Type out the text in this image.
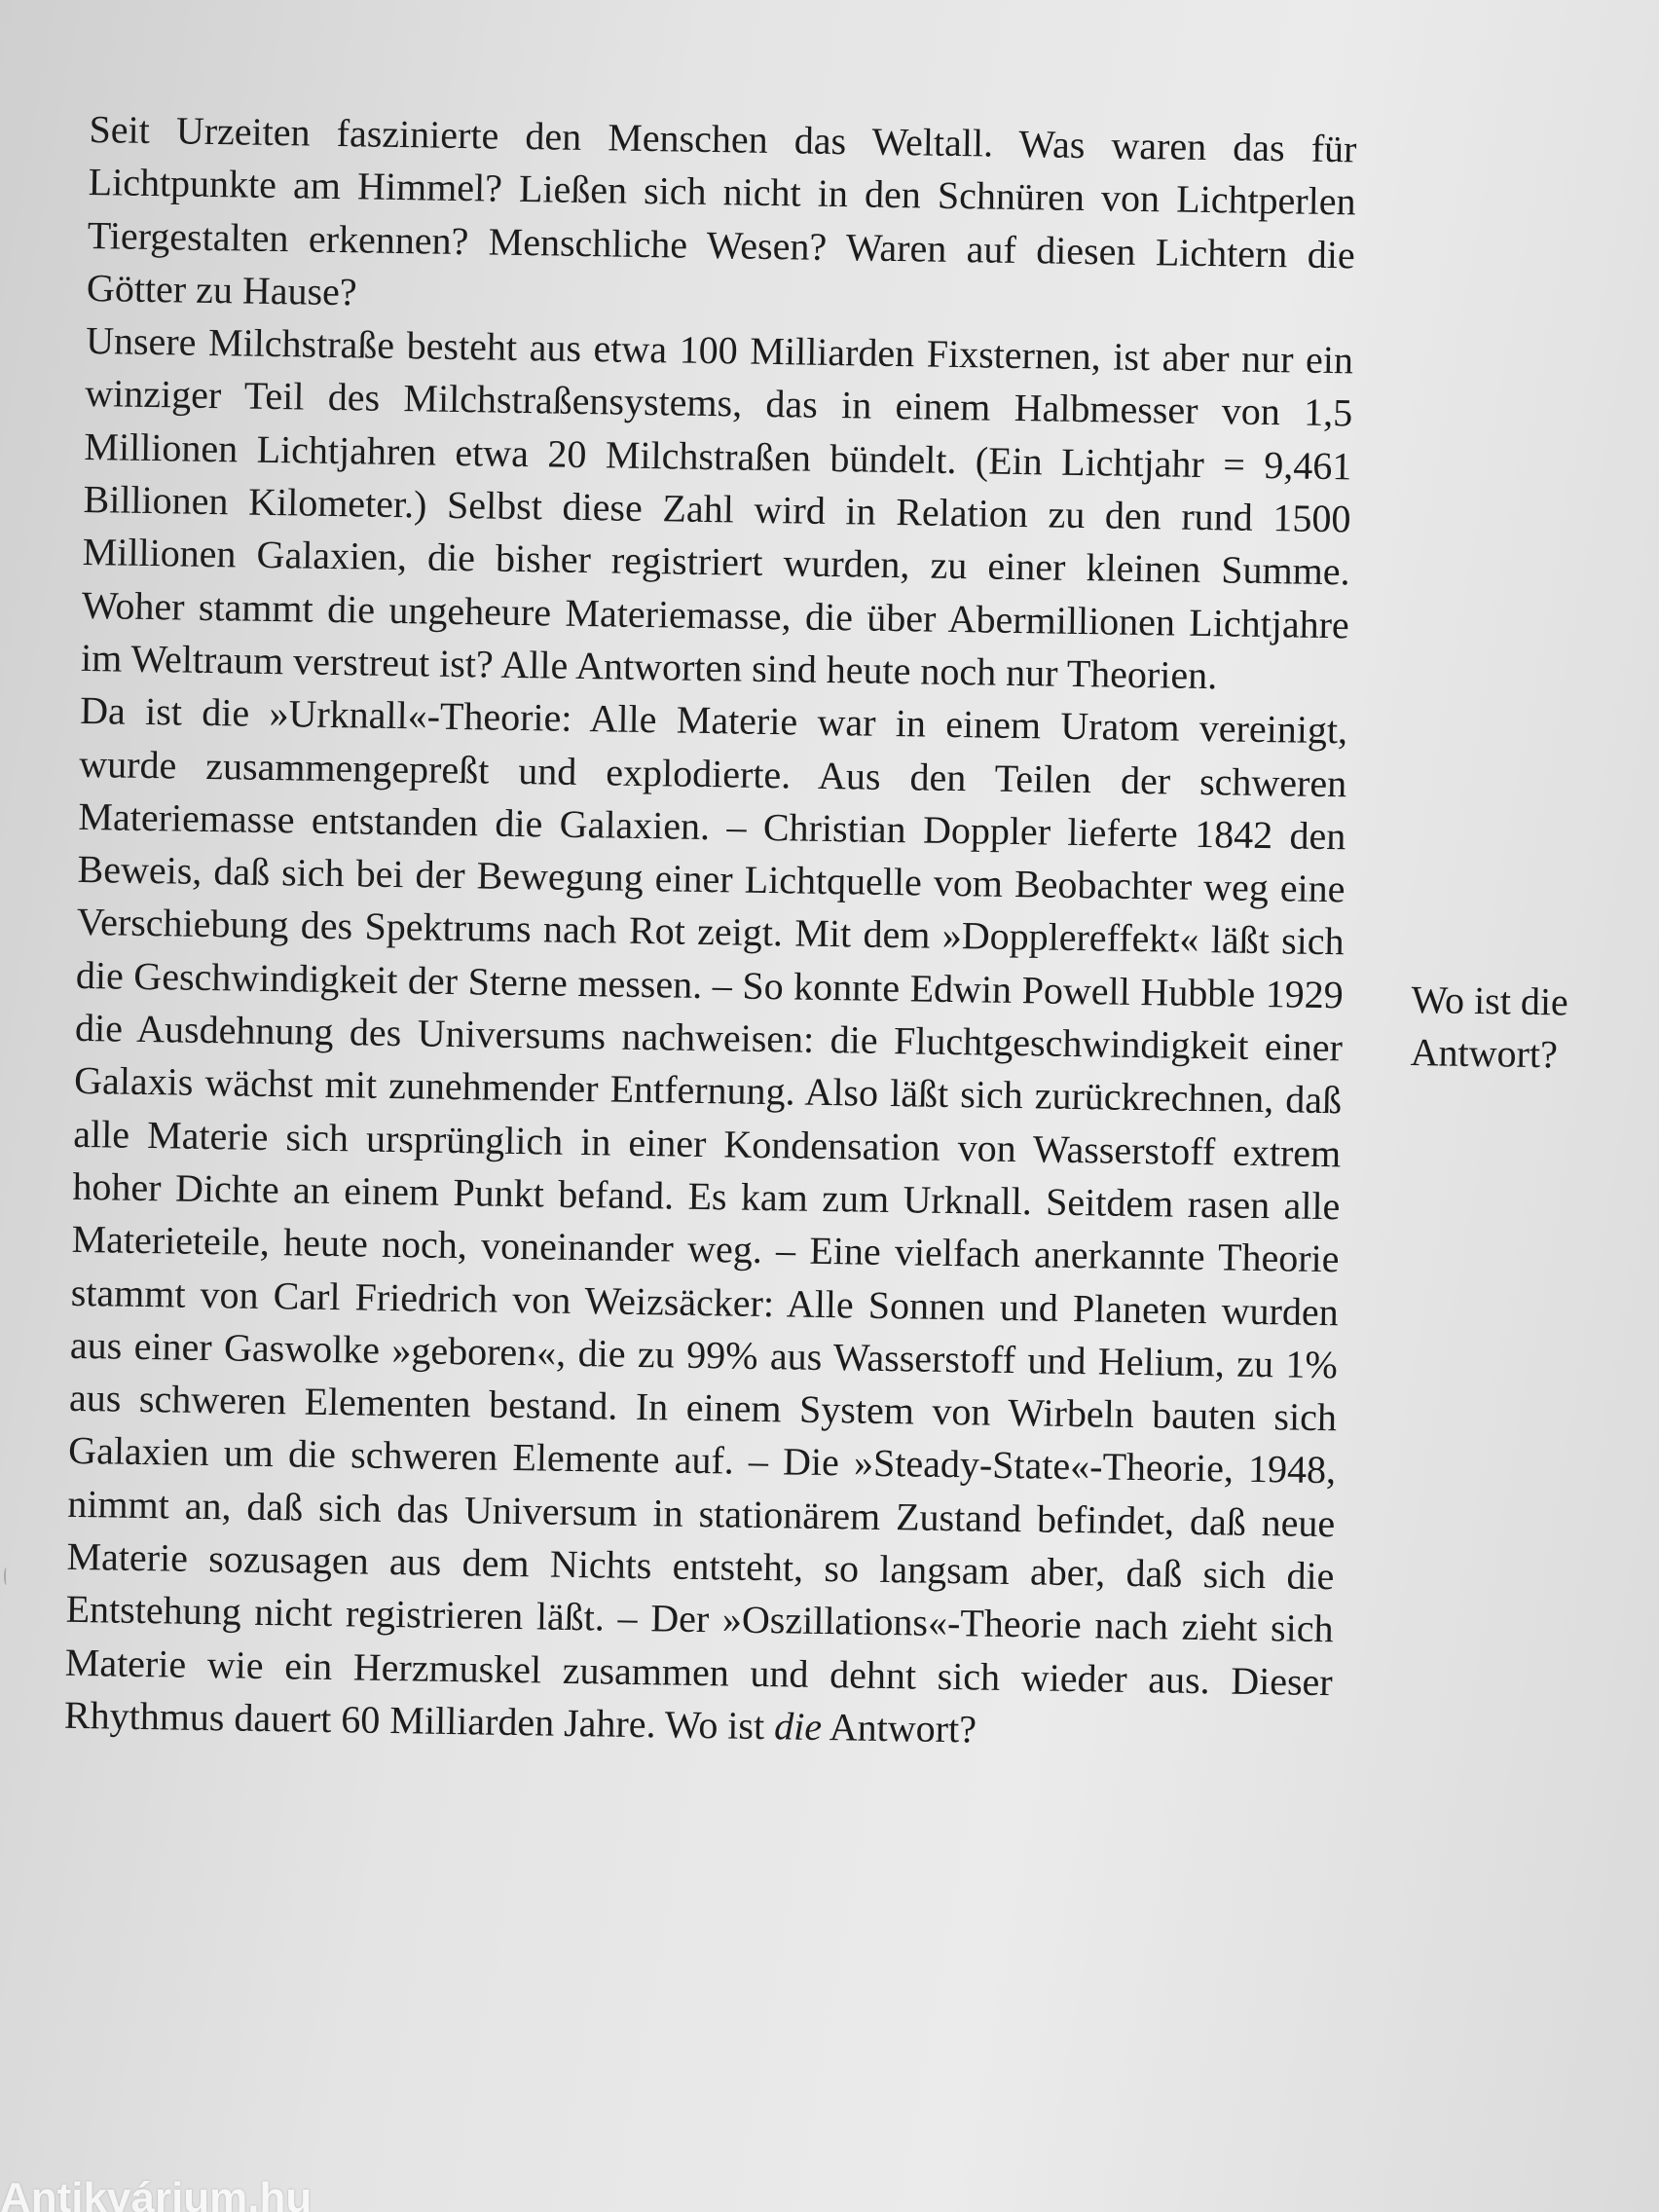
Seit Urzeiten faszinierte den Menschen das Weltall. Was waren das für Lichtpunkte am Himmel? Ließen sich nicht in den Schnüren von Lichtperlen Tiergestalten erkennen? Menschliche Wesen? Waren auf diesen Lichtern die Götter zu Hause?

Unsere Milchstraße besteht aus etwa 100 Milliarden Fixsternen, ist aber nur ein winziger Teil des Milchstraßensystems, das in einem Halbmesser von 1,5 Millionen Lichtjahren etwa 20 Milchstraßen bündelt. (Ein Lichtjahr = 9,461 Billionen Kilometer.) Selbst diese Zahl wird in Relation zu den rund 1500 Millionen Galaxien, die bisher registriert wurden, zu einer kleinen Summe. Woher stammt die ungeheure Materiemasse, die über Abermillionen Lichtjahre im Weltraum verstreut ist? Alle Antworten sind heute noch nur Theorien.

Da ist die »Urknall«-Theorie: Alle Materie war in einem Uratom vereinigt, wurde zusammengepreßt und explodierte. Aus den Teilen der schweren Materiemasse entstanden die Galaxien. – Christian Doppler lieferte 1842 den Beweis, daß sich bei der Bewegung einer Lichtquelle vom Beobachter weg eine Verschiebung des Spektrums nach Rot zeigt. Mit dem »Dopplereffekt« läßt sich die Geschwindigkeit der Sterne messen. – So konnte Edwin Powell Hubble 1929 die Ausdehnung des Universums nachweisen: die Fluchtgeschwindigkeit einer Galaxis wächst mit zunehmender Entfernung. Also läßt sich zurückrechnen, daß alle Materie sich ursprünglich in einer Kondensation von Wasserstoff extrem hoher Dichte an einem Punkt befand. Es kam zum Urknall. Seitdem rasen alle Materieteile, heute noch, voneinander weg. – Eine vielfach anerkannte Theorie stammt von Carl Friedrich von Weizsäcker: Alle Sonnen und Planeten wurden aus einer Gaswolke »geboren«, die zu 99% aus Wasserstoff und Helium, zu 1% aus schweren Elementen bestand. In einem System von Wirbeln bauten sich Galaxien um die schweren Elemente auf. – Die »Steady-State«-Theorie, 1948, nimmt an, daß sich das Universum in stationärem Zustand befindet, daß neue Materie sozusagen aus dem Nichts entsteht, so langsam aber, daß sich die Entstehung nicht registrieren läßt. – Der »Oszillations«-Theorie nach zieht sich Materie wie ein Herzmuskel zusammen und dehnt sich wieder aus. Dieser Rhythmus dauert 60 Milliarden Jahre. Wo ist die Antwort?

Wo ist die
Antwort?
Antikvárium.hu
